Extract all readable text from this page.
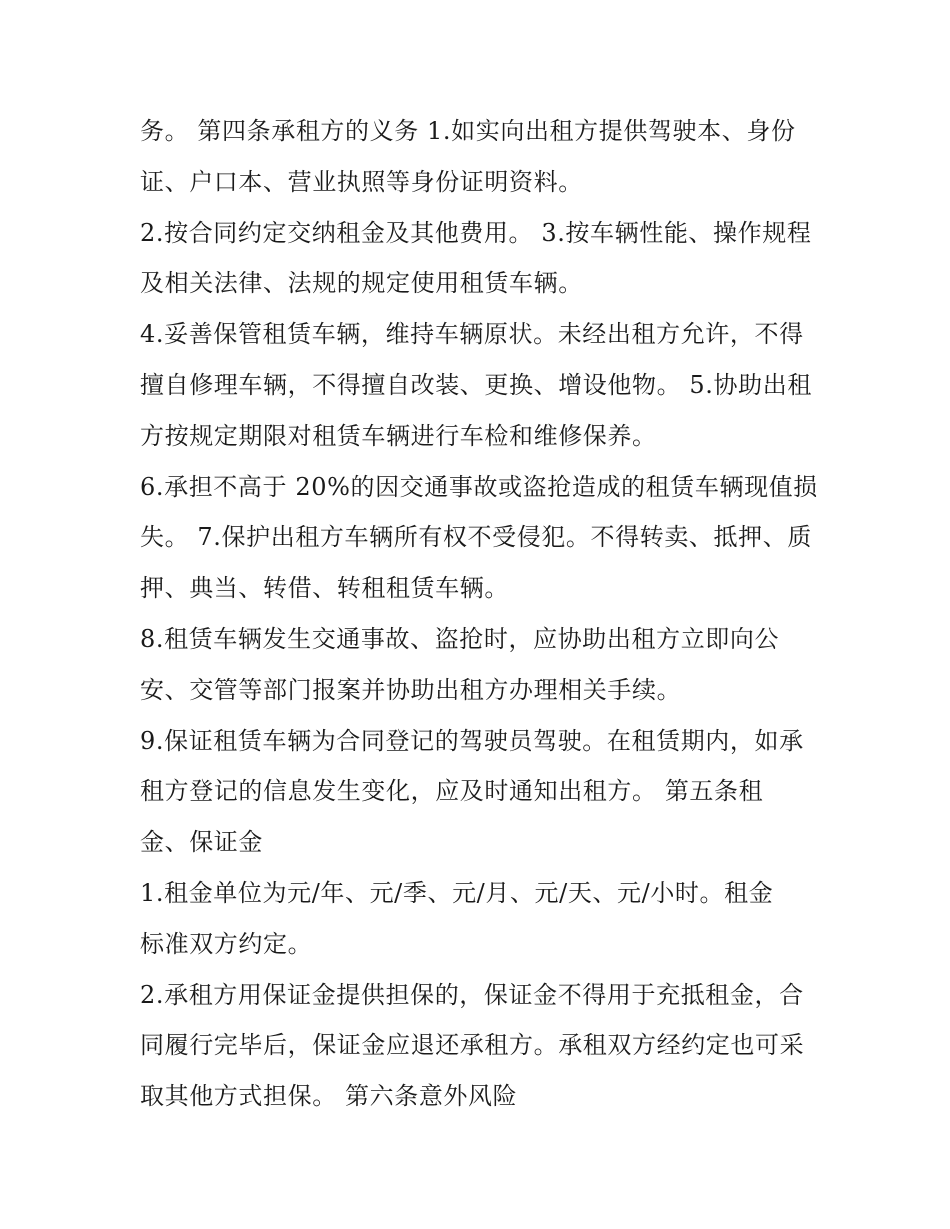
务。 第四条承租方的义务 1.如实向出租方提供驾驶本、身份
证、户口本、营业执照等身份证明资料。
2.按合同约定交纳租金及其他费用。 3.按车辆性能、操作规程
及相关法律、法规的规定使用租赁车辆。
4.妥善保管租赁车辆，维持车辆原状。未经出租方允许，不得
擅自修理车辆，不得擅自改装、更换、增设他物。 5.协助出租
方按规定期限对租赁车辆进行车检和维修保养。
6.承担不高于 20%的因交通事故或盗抢造成的租赁车辆现值损
失。 7.保护出租方车辆所有权不受侵犯。不得转卖、抵押、质
押、典当、转借、转租租赁车辆。
8.租赁车辆发生交通事故、盗抢时，应协助出租方立即向公
安、交管等部门报案并协助出租方办理相关手续。
9.保证租赁车辆为合同登记的驾驶员驾驶。在租赁期内，如承
租方登记的信息发生变化，应及时通知出租方。 第五条租
金、保证金
1.租金单位为元/年、元/季、元/月、元/天、元/小时。租金
标准双方约定。
2.承租方用保证金提供担保的，保证金不得用于充抵租金，合
同履行完毕后，保证金应退还承租方。承租双方经约定也可采
取其他方式担保。 第六条意外风险
